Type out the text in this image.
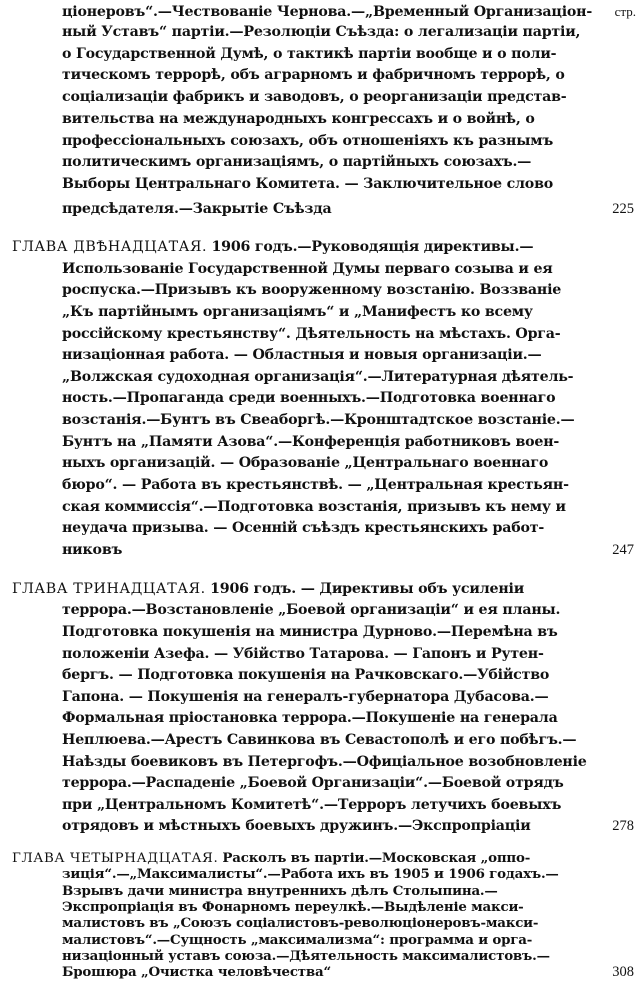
стр.
ціонеровъ“.—Чествованіе Чернова.—„Временный Организаціон-
ный Уставъ“ партіи.—Резолюціи Съѣзда: о легализаціи партіи,
о Государственной Думѣ, о тактикѣ партіи вообще и о поли-
тическомъ террорѣ, объ аграрномъ и фабричномъ террорѣ, о
соціализаціи фабрикъ и заводовъ, о реорганизаціи представ-
вительства на международныхъ конгрессахъ и о войнѣ, о
профессіональныхъ союзахъ, объ отношеніяхъ къ разнымъ
политическимъ организаціямъ, о партійныхъ союзахъ.—
Выборы Центральнаго Комитета. — Заключительное слово
предсѣдателя.—Закрытіе Съѣзда	225
ГЛАВА ДВѢНАДЦАТАЯ. 1906 годъ.—Руководящія директивы.—
Использованіе Государственной Думы перваго созыва и ея
роспуска.—Призывъ къ вооруженному возстанію. Воззваніе
„Къ партійнымъ организаціямъ“ и „Манифестъ ко всему
россійскому крестьянству“. Дѣятельность на мѣстахъ. Орга-
низаціонная работа. — Областныя и новыя организаціи.—
„Волжская судоходная организація“.—Литературная дѣятель-
ность.—Пропаганда среди военныхъ.—Подготовка военнаго
возстанія.—Бунтъ въ Свеаборгѣ.—Кронштадтское возстаніе.—
Бунтъ на „Памяти Азова“.—Конференція работниковъ воен-
ныхъ организацій. — Образованіе „Центральнаго военнаго
бюро“. — Работа въ крестьянствѣ. — „Центральная крестьян-
ская коммиссія“.—Подготовка возстанія, призывъ къ нему и
неудача призыва. — Осенній съѣздъ крестьянскихъ работ-
никовъ	247
ГЛАВА ТРИНАДЦАТАЯ. 1906 годъ. — Директивы объ усиленіи
террора.—Возстановленіе „Боевой организаціи“ и ея планы.
Подготовка покушенія на министра Дурново.—Перемѣна въ
положеніи Азефа. — Убійство Татарова. — Гапонъ и Рутен-
бергъ. — Подготовка покушенія на Рачковскаго.—Убійство
Гапона. — Покушенія на генералъ-губернатора Дубасова.—
Формальная пріостановка террора.—Покушеніе на генерала
Неплюева.—Арестъ Савинкова въ Севастополѣ и его побѣгъ.—
Наѣзды боевиковъ въ Петергофъ.—Офиціальное возобновленіе
террора.—Распаденіе „Боевой Организаціи“.—Боевой отрядъ
при „Центральномъ Комитетѣ“.—Терроръ летучихъ боевыхъ
отрядовъ и мѣстныхъ боевыхъ дружинъ.—Экспропріаціи	278
ГЛАВА ЧЕТЫРНАДЦАТАЯ. Расколъ въ партіи.—Московская „оппо-
зиція“.—„Максималисты“.—Работа ихъ въ 1905 и 1906 годахъ.—
Взрывъ дачи министра внутреннихъ дѣлъ Столыпина.—
Экспропріація въ Фонарномъ переулкѣ.—Выдѣленіе макси-
малистовъ въ „Союзъ соціалистовъ-революціонеровъ-макси-
малистовъ“.—Сущность „максимализма“: программа и орга-
низаціонный уставъ союза.—Дѣятельность максималистовъ.—
Брошюра „Очистка человѣчества“	308
